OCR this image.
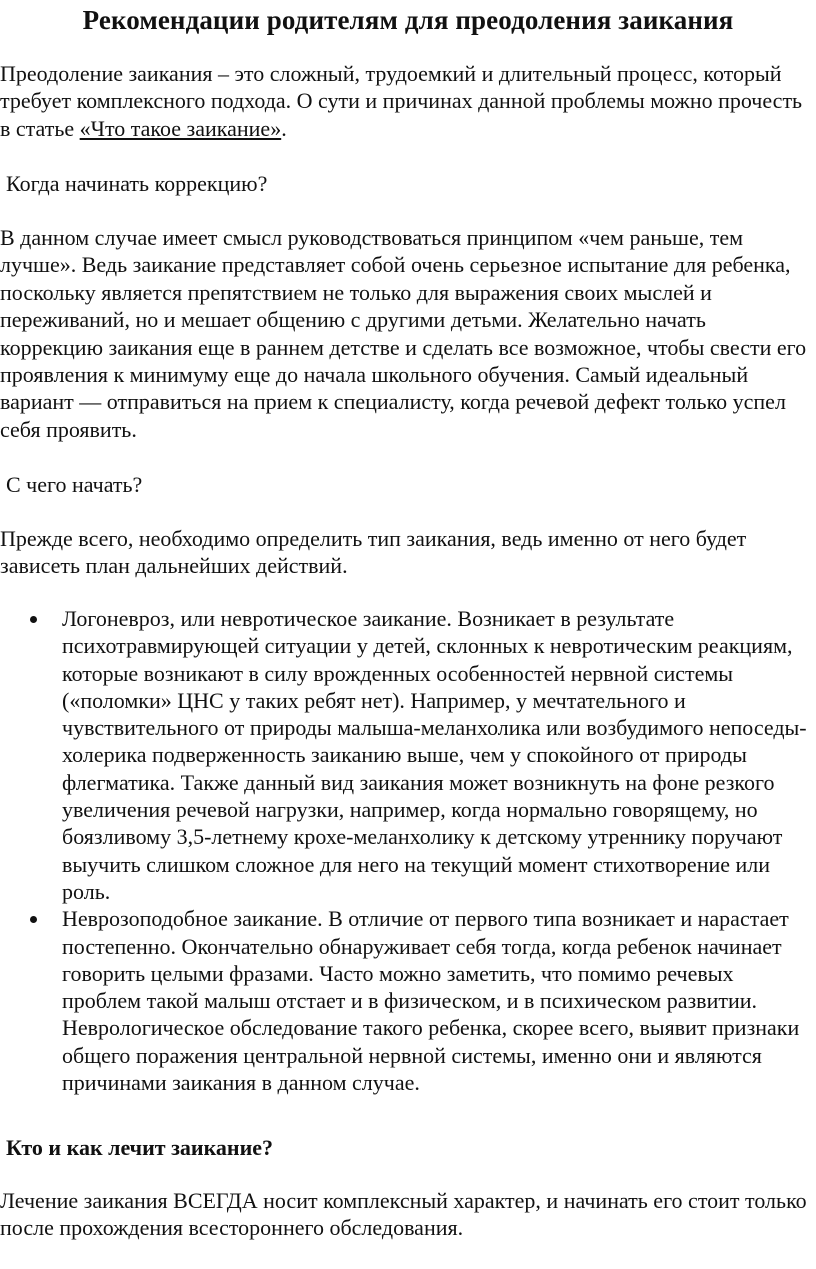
Рекомендации родителям для преодоления заикания

Преодоление заикания – это сложный, трудоемкий и длительный процесс, который требует комплексного подхода. О сути и причинах данной проблемы можно прочесть в статье «Что такое заикание».

Когда начинать коррекцию?

В данном случае имеет смысл руководствоваться принципом «чем раньше, тем лучше». Ведь заикание представляет собой очень серьезное испытание для ребенка, поскольку является препятствием не только для выражения своих мыслей и переживаний, но и мешает общению с другими детьми. Желательно начать коррекцию заикания еще в раннем детстве и сделать все возможное, чтобы свести его проявления к минимуму еще до начала школьного обучения. Самый идеальный вариант — отправиться на прием к специалисту, когда речевой дефект только успел себя проявить.

С чего начать?

Прежде всего, необходимо определить тип заикания, ведь именно от него будет зависеть план дальнейших действий.

Логоневроз, или невротическое заикание. Возникает в результате психотравмирующей ситуации у детей, склонных к невротическим реакциям, которые возникают в силу врожденных особенностей нервной системы («поломки» ЦНС у таких ребят нет). Например, у мечтательного и чувствительного от природы малыша-меланхолика или возбудимого непоседы-холерика подверженность заиканию выше, чем у спокойного от природы флегматика. Также данный вид заикания может возникнуть на фоне резкого увеличения речевой нагрузки, например, когда нормально говорящему, но боязливому 3,5-летнему крохе-меланхолику к детскому утреннику поручают выучить слишком сложное для него на текущий момент стихотворение или роль.
Неврозоподобное заикание. В отличие от первого типа возникает и нарастает постепенно. Окончательно обнаруживает себя тогда, когда ребенок начинает говорить целыми фразами. Часто можно заметить, что помимо речевых проблем такой малыш отстает и в физическом, и в психическом развитии. Неврологическое обследование такого ребенка, скорее всего, выявит признаки общего поражения центральной нервной системы, именно они и являются причинами заикания в данном случае.

Кто и как лечит заикание?

Лечение заикания ВСЕГДА носит комплексный характер, и начинать его стоит только после прохождения всестороннего обследования.
